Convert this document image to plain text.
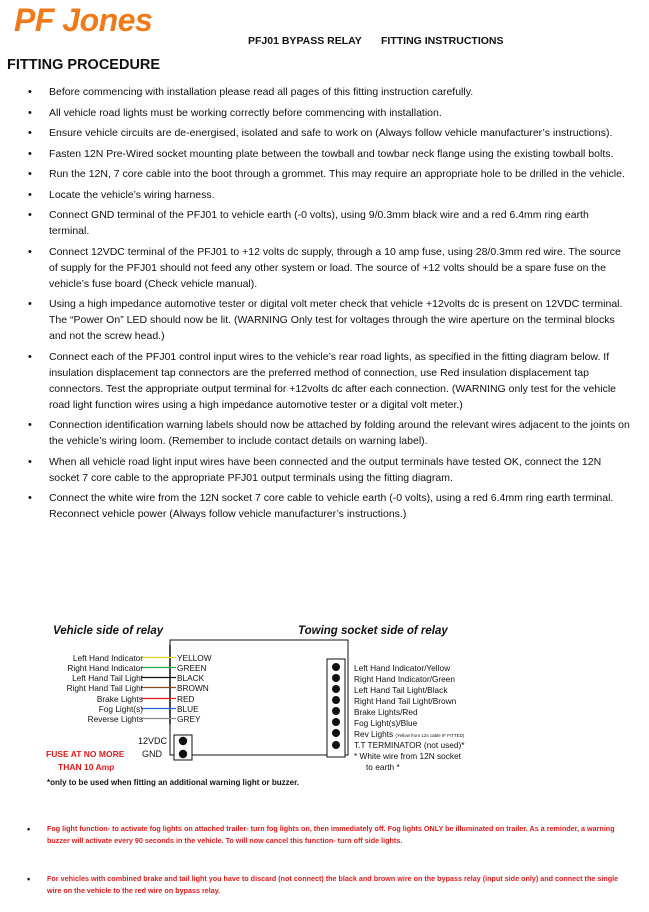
PF Jones
PFJ01 BYPASS RELAY FITTING INSTRUCTIONS
FITTING PROCEDURE
• Before commencing with installation please read all pages of this fitting instruction carefully.
• All vehicle road lights must be working correctly before commencing with installation.
• Ensure vehicle circuits are de-energised, isolated and safe to work on (Always follow vehicle manufacturer’s instructions).
• Fasten 12N Pre-Wired socket mounting plate between the towball and towbar neck flange using the existing towball bolts.
• Run the 12N, 7 core cable into the boot through a grommet. This may require an appropriate hole to be drilled in the vehicle.
• Locate the vehicle’s wiring harness.
• Connect GND terminal of the PFJ01 to vehicle earth (-0 volts), using 9/0.3mm black wire and a red 6.4mm ring earth terminal.
• Connect 12VDC terminal of the PFJ01 to +12 volts dc supply, through a 10 amp fuse, using 28/0.3mm red wire. The source of supply for the PFJ01 should not feed any other system or load. The source of +12 volts should be a spare fuse on the vehicle’s fuse board (Check vehicle manual).
• Using a high impedance automotive tester or digital volt meter check that vehicle +12volts dc is present on 12VDC terminal. The “Power On” LED should now be lit. (WARNING Only test for voltages through the wire aperture on the terminal blocks and not the screw head.)
• Connect each of the PFJ01 control input wires to the vehicle’s rear road lights, as specified in the fitting diagram below. If insulation displacement tap connectors are the preferred method of connection, use Red insulation displacement tap connectors. Test the appropriate output terminal for +12volts dc after each connection. (WARNING only test for the vehicle road light function wires using a high impedance automotive tester or a digital volt meter.)
• Connection identification warning labels should now be attached by folding around the relevant wires adjacent to the joints on the vehicle’s wiring loom. (Remember to include contact details on warning label).
• When all vehicle road light input wires have been connected and the output terminals have tested OK, connect the 12N socket 7 core cable to the appropriate PFJ01 output terminals using the fitting diagram.
• Connect the white wire from the 12N socket 7 core cable to vehicle earth (-0 volts), using a red 6.4mm ring earth terminal. Reconnect vehicle power (Always follow vehicle manufacturer’s instructions.)
Vehicle side of relay	Towing socket side of relay
Left Hand Indicator
Right Hand Indicator
Left Hand Tail Light
Right Hand Tail Light
Brake Lights
Fog Light(s)
Reverse Lights
YELLOW
GREEN
BLACK
BROWN
RED
BLUE
GREY
Left Hand Indicator/Yellow
Right Hand Indicator/Green
Left Hand Tail Light/Black
Right Hand Tail Light/Brown
Brake Lights/Red
Fog Light(s)/Blue
Rev Lights (Yellow from 12s cable IF FITTED)
T.T TERMINATOR (not used)*
* White wire from 12N socket
to earth *
12VDC
GND
FUSE AT NO MORE
THAN 10 Amp
*only to be used when fitting an additional warning light or buzzer.
• Fog light function- to activate fog lights on attached trailer- turn fog lights on, then immediately off. Fog lights ONLY be illuminated on trailer. As a reminder, a warning buzzer will activate every 90 seconds in the vehicle. To will now cancel this function- turn off side lights.
• For vehicles with combined brake and tail light you have to discard (not connect) the black and brown wire on the bypass relay (input side only) and connect the single wire on the vehicle to the red wire on bypass relay.
